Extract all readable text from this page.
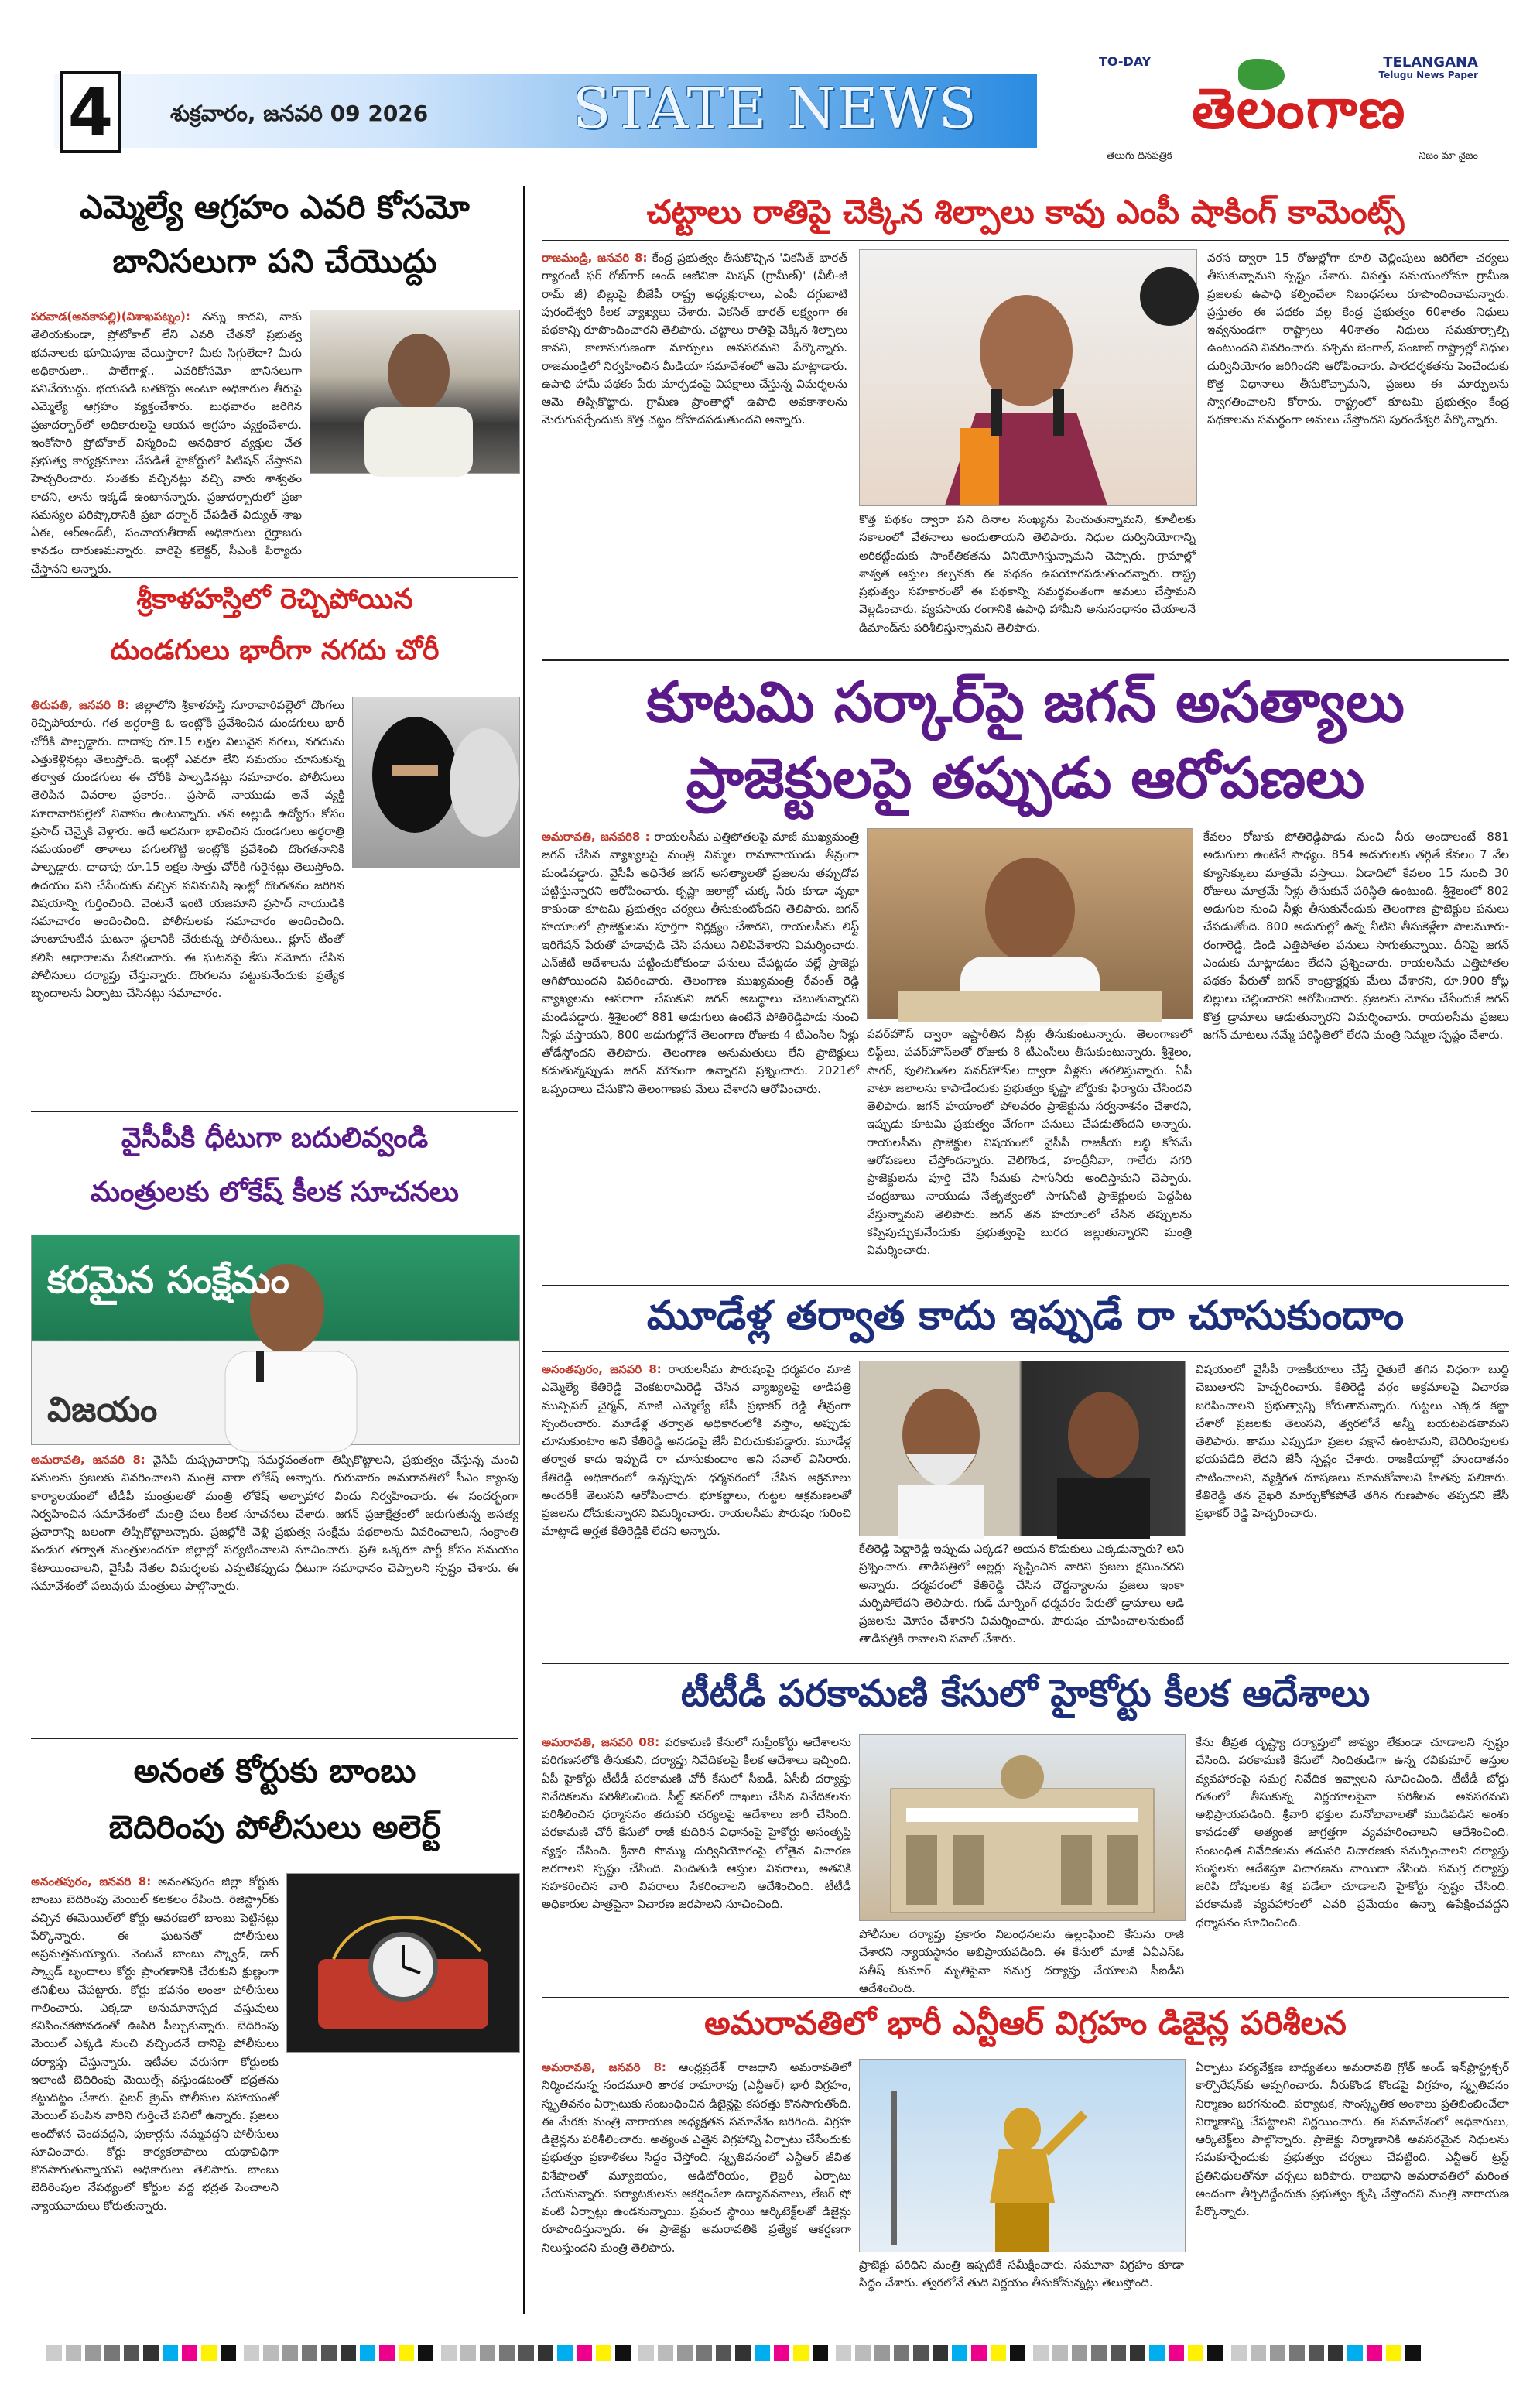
4	శుక్రవారం, జనవరి 09 2026	STATE NEWS
TO-DAY	TELANGANA
Telugu News Paper
తెలంగాణ
తెలుగు దినపత్రిక	నిజం మా నైజం
ఎమ్మెల్యే ఆగ్రహం ఎవరి కోసమో
బానిసలుగా పని చేయొద్దు
పరవాడ(ఆనకాపల్లి)(విశాఖపట్నం): నన్ను కాదని, నాకు తెలియకుండా, ప్రోటోకాల్ లేని ఎవరి చేతనో ప్రభుత్వ భవనాలకు భూమిపూజ చేయిస్తారా? మీకు సిగ్గులేదా? మీరు అధికారులా.. పాలేగాళ్ల.. ఎవరికోసమో బానిసలుగా పనిచేయొద్దు. భయపడి బతకొద్దు అంటూ అధికారుల తీరుపై ఎమ్మెల్యే ఆగ్రహం వ్యక్తంచేశారు. బుధవారం జరిగిన ప్రజాదర్బార్‌లో అధికారులపై ఆయన ఆగ్రహం వ్యక్తంచేశారు. ఇంకోసారి ప్రోటోకాల్ విస్మరించి అనధికార వ్యక్తుల చేత ప్రభుత్వ కార్యక్రమాలు చేపడితే హైకోర్టులో పిటిషన్ వేస్తానని హెచ్చరించారు. సంతకు వచ్చినట్లు వచ్చి వారు శాశ్వతం కాదని, తాను ఇక్కడే ఉంటానన్నారు. ప్రజాదర్బారులో ప్రజా సమస్యల పరిష్కారానికి ప్రజా దర్బార్ చేపడితే విద్యుత్ శాఖ ఏఈ, ఆర్‌అండ్‌బీ, పంచాయతీరాజ్ అధికారులు గైర్హాజరు కావడం దారుణమన్నారు. వారిపై కలెక్టర్, సీఎంకి ఫిర్యాదు చేస్తానని అన్నారు.
శ్రీకాళహస్తిలో రెచ్చిపోయిన
దుండగులు భారీగా నగదు చోరీ
తిరుపతి, జనవరి 8: జిల్లాలోని శ్రీకాళహస్తి సూరావారిపల్లెలో దొంగలు రెచ్చిపోయారు. గత అర్ధరాత్రి ఓ ఇంట్లోకి ప్రవేశించిన దుండగులు భారీ చోరీకి పాల్పడ్డారు. దాదాపు రూ.15 లక్షల విలువైన నగలు, నగదును ఎత్తుకెళ్లినట్లు తెలుస్తోంది. ఇంట్లో ఎవరూ లేని సమయం చూసుకున్న తర్వాత దుండగులు ఈ చోరీకి పాల్పడినట్లు సమాచారం. పోలీసులు తెలిపిన వివరాల ప్రకారం.. ప్రసాద్ నాయుడు అనే వ్యక్తి సూరావారిపల్లెలో నివాసం ఉంటున్నారు. తన అల్లుడి ఉద్యోగం కోసం ప్రసాద్ చెన్నైకి వెళ్లారు. అదే అదనుగా భావించిన దుండగులు అర్ధరాత్రి సమయంలో తాళాలు పగులగొట్టి ఇంట్లోకి ప్రవేశించి దొంగతనానికి పాల్పడ్డారు. దాదాపు రూ.15 లక్షల సొత్తు చోరీకి గురైనట్లు తెలుస్తోంది. ఉదయం పని చేసేందుకు వచ్చిన పనిమనిషి ఇంట్లో దొంగతనం జరిగిన విషయాన్ని గుర్తించింది. వెంటనే ఇంటి యజమాని ప్రసాద్ నాయుడికి సమాచారం అందించింది. పోలీసులకు సమాచారం అందించింది. హుటాహుటిన ఘటనా స్థలానికి చేరుకున్న పోలీసులు.. క్లూస్ టీంతో కలిసి ఆధారాలను సేకరించారు. ఈ ఘటనపై కేసు నమోదు చేసిన పోలీసులు దర్యాప్తు చేస్తున్నారు. దొంగలను పట్టుకునేందుకు ప్రత్యేక బృందాలను ఏర్పాటు చేసినట్లు సమాచారం.
వైసీపీకి ధీటుగా బదులివ్వండి
మంత్రులకు లోకేష్ కీలక సూచనలు
కరమైన సంక్షేమం
విజయం
అమరావతి, జనవరి 8: వైసీపీ దుష్ప్రచారాన్ని సమర్థవంతంగా తిప్పికొట్టాలని, ప్రభుత్వం చేస్తున్న మంచి పనులను ప్రజలకు వివరించాలని మంత్రి నారా లోకేష్ అన్నారు. గురువారం అమరావతిలో సీఎం క్యాంపు కార్యాలయంలో టీడీపీ మంత్రులతో మంత్రి లోకేష్ అల్పాహార విందు నిర్వహించారు. ఈ సందర్భంగా నిర్వహించిన సమావేశంలో మంత్రి పలు కీలక సూచనలు చేశారు. జగన్ ప్రజాక్షేత్రంలో జరుగుతున్న అసత్య ప్రచారాన్ని బలంగా తిప్పికొట్టాలన్నారు. ప్రజల్లోకి వెళ్లి ప్రభుత్వ సంక్షేమ పథకాలను వివరించాలని, సంక్రాంతి పండుగ తర్వాత మంత్రులందరూ జిల్లాల్లో పర్యటించాలని సూచించారు. ప్రతి ఒక్కరూ పార్టీ కోసం సమయం కేటాయించాలని, వైసీపీ నేతల విమర్శలకు ఎప్పటికప్పుడు ధీటుగా సమాధానం చెప్పాలని స్పష్టం చేశారు. ఈ సమావేశంలో పలువురు మంత్రులు పాల్గొన్నారు.
అనంత కోర్టుకు బాంబు
బెదిరింపు పోలీసులు అలెర్ట్
అనంతపురం, జనవరి 8: అనంతపురం జిల్లా కోర్టుకు బాంబు బెదిరింపు మెయిల్ కలకలం రేపింది. రిజిస్ట్రార్‌కు వచ్చిన ఈమెయిల్‌లో కోర్టు ఆవరణలో బాంబు పెట్టినట్లు పేర్కొన్నారు. ఈ ఘటనతో పోలీసులు అప్రమత్తమయ్యారు. వెంటనే బాంబు స్క్వాడ్, డాగ్ స్క్వాడ్ బృందాలు కోర్టు ప్రాంగణానికి చేరుకుని క్షుణ్ణంగా తనిఖీలు చేపట్టారు. కోర్టు భవనం అంతా పోలీసులు గాలించారు. ఎక్కడా అనుమానాస్పద వస్తువులు కనిపించకపోవడంతో ఊపిరి పీల్చుకున్నారు. బెదిరింపు మెయిల్ ఎక్కడి నుంచి వచ్చిందనే దానిపై పోలీసులు దర్యాప్తు చేస్తున్నారు. ఇటీవల వరుసగా కోర్టులకు ఇలాంటి బెదిరింపు మెయిల్స్ వస్తుండటంతో భద్రతను కట్టుదిట్టం చేశారు. సైబర్ క్రైమ్ పోలీసుల సహాయంతో మెయిల్ పంపిన వారిని గుర్తించే పనిలో ఉన్నారు. ప్రజలు ఆందోళన చెందవద్దని, పుకార్లను నమ్మవద్దని పోలీసులు సూచించారు. కోర్టు కార్యకలాపాలు యథావిధిగా కొనసాగుతున్నాయని అధికారులు తెలిపారు. బాంబు బెదిరింపుల నేపథ్యంలో కోర్టుల వద్ద భద్రత పెంచాలని న్యాయవాదులు కోరుతున్నారు.
చట్టాలు రాతిపై చెక్కిన శిల్పాలు కావు ఎంపీ షాకింగ్ కామెంట్స్
రాజమండ్రి, జనవరి 8: కేంద్ర ప్రభుత్వం తీసుకొచ్చిన 'వికసిత్ భారత్ గ్యారంటీ ఫర్ రోజ్‌గార్ అండ్ ఆజీవికా మిషన్ (గ్రామీణ్)' (వీబీ-జీ రామ్ జీ) బిల్లుపై బీజేపీ రాష్ట్ర అధ్యక్షురాలు, ఎంపీ దగ్గుబాటి పురందేశ్వరి కీలక వ్యాఖ్యలు చేశారు. వికసిత్ భారత్ లక్ష్యంగా ఈ పథకాన్ని రూపొందించారని తెలిపారు. చట్టాలు రాతిపై చెక్కిన శిల్పాలు కావని, కాలానుగుణంగా మార్పులు అవసరమని పేర్కొన్నారు. రాజమండ్రిలో నిర్వహించిన మీడియా సమావేశంలో ఆమె మాట్లాడారు. ఉపాధి హామీ పథకం పేరు మార్చడంపై విపక్షాలు చేస్తున్న విమర్శలను ఆమె తిప్పికొట్టారు. గ్రామీణ ప్రాంతాల్లో ఉపాధి అవకాశాలను మెరుగుపర్చేందుకు కొత్త చట్టం దోహదపడుతుందని అన్నారు.
కొత్త పథకం ద్వారా పని దినాల సంఖ్యను పెంచుతున్నామని, కూలీలకు సకాలంలో వేతనాలు అందుతాయని తెలిపారు. నిధుల దుర్వినియోగాన్ని అరికట్టేందుకు సాంకేతికతను వినియోగిస్తున్నామని చెప్పారు. గ్రామాల్లో శాశ్వత ఆస్తుల కల్పనకు ఈ పథకం ఉపయోగపడుతుందన్నారు. రాష్ట్ర ప్రభుత్వం సహకారంతో ఈ పథకాన్ని సమర్థవంతంగా అమలు చేస్తామని వెల్లడించారు. వ్యవసాయ రంగానికి ఉపాధి హామీని అనుసంధానం చేయాలనే డిమాండ్‌ను పరిశీలిస్తున్నామని తెలిపారు.
వరస ద్వారా 15 రోజుల్లోగా కూలి చెల్లింపులు జరిగేలా చర్యలు తీసుకున్నామని స్పష్టం చేశారు. విపత్తు సమయంలోనూ గ్రామీణ ప్రజలకు ఉపాధి కల్పించేలా నిబంధనలు రూపొందించామన్నారు. ప్రస్తుతం ఈ పథకం వల్ల కేంద్ర ప్రభుత్వం 60శాతం నిధులు ఇవ్వనుండగా రాష్ట్రాలు 40శాతం నిధులు సమకూర్చాల్సి ఉంటుందని వివరించారు. పశ్చిమ బెంగాల్, పంజాబ్ రాష్ట్రాల్లో నిధుల దుర్వినియోగం జరిగిందని ఆరోపించారు. పారదర్శకతను పెంచేందుకు కొత్త విధానాలు తీసుకొచ్చామని, ప్రజలు ఈ మార్పులను స్వాగతించాలని కోరారు. రాష్ట్రంలో కూటమి ప్రభుత్వం కేంద్ర పథకాలను సమర్థంగా అమలు చేస్తోందని పురందేశ్వరి పేర్కొన్నారు.
కూటమి సర్కార్‌పై జగన్ అసత్యాలు
ప్రాజెక్టులపై తప్పుడు ఆరోపణలు
అమరావతి, జనవరి8 : రాయలసీమ ఎత్తిపోతలపై మాజీ ముఖ్యమంత్రి జగన్ చేసిన వ్యాఖ్యలపై మంత్రి నిమ్మల రామానాయుడు తీవ్రంగా మండిపడ్డారు. వైసీపీ అధినేత జగన్ అసత్యాలతో ప్రజలను తప్పుదోవ పట్టిస్తున్నారని ఆరోపించారు. కృష్ణా జలాల్లో చుక్క నీరు కూడా వృథా కాకుండా కూటమి ప్రభుత్వం చర్యలు తీసుకుంటోందని తెలిపారు. జగన్ హయాంలో ప్రాజెక్టులను పూర్తిగా నిర్లక్ష్యం చేశారని, రాయలసీమ లిఫ్ట్ ఇరిగేషన్ పేరుతో హడావుడి చేసి పనులు నిలిపివేశారని విమర్శించారు. ఎన్‌జీటీ ఆదేశాలను పట్టించుకోకుండా పనులు చేపట్టడం వల్లే ప్రాజెక్టు ఆగిపోయిందని వివరించారు. తెలంగాణ ముఖ్యమంత్రి రేవంత్ రెడ్డి వ్యాఖ్యలను ఆసరాగా చేసుకుని జగన్ అబద్ధాలు చెబుతున్నారని మండిపడ్డారు. శ్రీశైలంలో 881 అడుగులు ఉంటేనే పోతిరెడ్డిపాడు నుంచి నీళ్లు వస్తాయని, 800 అడుగుల్లోనే తెలంగాణ రోజుకు 4 టీఎంసీల నీళ్లు తోడేస్తోందని తెలిపారు. తెలంగాణ అనుమతులు లేని ప్రాజెక్టులు కడుతున్నప్పుడు జగన్ మౌనంగా ఉన్నారని ప్రశ్నించారు. 2021లో ఒప్పందాలు చేసుకొని తెలంగాణకు మేలు చేశారని ఆరోపించారు.
పవర్‌హౌస్ ద్వారా ఇష్టారీతిన నీళ్లు తీసుకుంటున్నారు. తెలంగాణలో లిఫ్ట్‌లు, పవర్‌హౌస్‌లతో రోజుకు 8 టీఎంసీలు తీసుకుంటున్నారు. శ్రీశైలం, సాగర్, పులిచింతల పవర్‌హౌస్‌ల ద్వారా నీళ్లను తరలిస్తున్నారు. ఏపీ వాటా జలాలను కాపాడేందుకు ప్రభుత్వం కృష్ణా బోర్డుకు ఫిర్యాదు చేసిందని తెలిపారు. జగన్ హయాంలో పోలవరం ప్రాజెక్టును సర్వనాశనం చేశారని, ఇప్పుడు కూటమి ప్రభుత్వం వేగంగా పనులు చేపడుతోందని అన్నారు. రాయలసీమ ప్రాజెక్టుల విషయంలో వైసీపీ రాజకీయ లబ్ధి కోసమే ఆరోపణలు చేస్తోందన్నారు. వెలిగొండ, హంద్రీనీవా, గాలేరు నగరి ప్రాజెక్టులను పూర్తి చేసి సీమకు సాగునీరు అందిస్తామని చెప్పారు. చంద్రబాబు నాయుడు నేతృత్వంలో సాగునీటి ప్రాజెక్టులకు పెద్దపీట వేస్తున్నామని తెలిపారు. జగన్ తన హయాంలో చేసిన తప్పులను కప్పిపుచ్చుకునేందుకు ప్రభుత్వంపై బురద జల్లుతున్నారని మంత్రి విమర్శించారు.
కేవలం రోజుకు పోతిరెడ్డిపాడు నుంచి నీరు అందాలంటే 881 అడుగులు ఉంటేనే సాధ్యం. 854 అడుగులకు తగ్గితే కేవలం 7 వేల క్యూసెక్కులు మాత్రమే వస్తాయి. ఏడాదిలో కేవలం 15 నుంచి 30 రోజులు మాత్రమే నీళ్లు తీసుకునే పరిస్థితి ఉంటుంది. శ్రీశైలంలో 802 అడుగుల నుంచి నీళ్లు తీసుకునేందుకు తెలంగాణ ప్రాజెక్టుల పనులు చేపడుతోంది. 800 అడుగుల్లో ఉన్న నీటిని తీసుకెళ్లేలా పాలమూరు-రంగారెడ్డి, డిండి ఎత్తిపోతల పనులు సాగుతున్నాయి. దీనిపై జగన్ ఎందుకు మాట్లాడటం లేదని ప్రశ్నించారు. రాయలసీమ ఎత్తిపోతల పథకం పేరుతో జగన్ కాంట్రాక్టర్లకు మేలు చేశారని, రూ.900 కోట్ల బిల్లులు చెల్లించారని ఆరోపించారు. ప్రజలను మోసం చేసేందుకే జగన్ కొత్త డ్రామాలు ఆడుతున్నారని విమర్శించారు. రాయలసీమ ప్రజలు జగన్ మాటలు నమ్మే పరిస్థితిలో లేరని మంత్రి నిమ్మల స్పష్టం చేశారు.
మూడేళ్ల తర్వాత కాదు ఇప్పుడే రా చూసుకుందాం
అనంతపురం, జనవరి 8: రాయలసీమ పౌరుషంపై ధర్మవరం మాజీ ఎమ్మెల్యే కేతిరెడ్డి వెంకటరామిరెడ్డి చేసిన వ్యాఖ్యలపై తాడిపత్రి మున్సిపల్ చైర్మన్, మాజీ ఎమ్మెల్యే జేసీ ప్రభాకర్ రెడ్డి తీవ్రంగా స్పందించారు. మూడేళ్ల తర్వాత అధికారంలోకి వస్తాం, అప్పుడు చూసుకుంటాం అని కేతిరెడ్డి అనడంపై జేసీ విరుచుకుపడ్డారు. మూడేళ్ల తర్వాత కాదు ఇప్పుడే రా చూసుకుందాం అని సవాల్ విసిరారు. కేతిరెడ్డి అధికారంలో ఉన్నప్పుడు ధర్మవరంలో చేసిన అక్రమాలు అందరికీ తెలుసని ఆరోపించారు. భూకబ్జాలు, గుట్టల ఆక్రమణలతో ప్రజలను దోచుకున్నారని విమర్శించారు. రాయలసీమ పౌరుషం గురించి మాట్లాడే అర్హత కేతిరెడ్డికి లేదని అన్నారు.
కేతిరెడ్డి పెద్దారెడ్డి ఇప్పుడు ఎక్కడ? ఆయన కొడుకులు ఎక్కడున్నారు? అని ప్రశ్నించారు. తాడిపత్రిలో అల్లర్లు సృష్టించిన వారిని ప్రజలు క్షమించరని అన్నారు. ధర్మవరంలో కేతిరెడ్డి చేసిన దౌర్జన్యాలను ప్రజలు ఇంకా మర్చిపోలేదని తెలిపారు. గుడ్ మార్నింగ్ ధర్మవరం పేరుతో డ్రామాలు ఆడి ప్రజలను మోసం చేశారని విమర్శించారు. పౌరుషం చూపించాలనుకుంటే తాడిపత్రికి రావాలని సవాల్ చేశారు.
విషయంలో వైసీపీ రాజకీయాలు చేస్తే రైతులే తగిన విధంగా బుద్ధి చెబుతారని హెచ్చరించారు. కేతిరెడ్డి వర్గం అక్రమాలపై విచారణ జరిపించాలని ప్రభుత్వాన్ని కోరుతామన్నారు. గుట్టలు ఎక్కడ కబ్జా చేశారో ప్రజలకు తెలుసని, త్వరలోనే అన్నీ బయటపెడతామని తెలిపారు. తాము ఎప్పుడూ ప్రజల పక్షానే ఉంటామని, బెదిరింపులకు భయపడేది లేదని జేసీ స్పష్టం చేశారు. రాజకీయాల్లో హుందాతనం పాటించాలని, వ్యక్తిగత దూషణలు మానుకోవాలని హితవు పలికారు. కేతిరెడ్డి తన వైఖరి మార్చుకోకపోతే తగిన గుణపాఠం తప్పదని జేసీ ప్రభాకర్ రెడ్డి హెచ్చరించారు.
టీటీడీ పరకామణి కేసులో హైకోర్టు కీలక ఆదేశాలు
అమరావతి, జనవరి 08: పరకామణి కేసులో సుప్రీంకోర్టు ఆదేశాలను పరిగణనలోకి తీసుకుని, దర్యాప్తు నివేదికలపై కీలక ఆదేశాలు ఇచ్చింది. ఏపీ హైకోర్టు టీటీడీ పరకామణి చోరీ కేసులో సీఐడీ, ఏసీబీ దర్యాప్తు నివేదికలను పరిశీలించింది. సీల్డ్ కవర్‌లో దాఖలు చేసిన నివేదికలను పరిశీలించిన ధర్మాసనం తదుపరి చర్యలపై ఆదేశాలు జారీ చేసింది. పరకామణి చోరీ కేసులో రాజీ కుదిరిన విధానంపై హైకోర్టు అసంతృప్తి వ్యక్తం చేసింది. శ్రీవారి సొమ్ము దుర్వినియోగంపై లోతైన విచారణ జరగాలని స్పష్టం చేసింది. నిందితుడి ఆస్తుల వివరాలు, అతనికి సహకరించిన వారి వివరాలు సేకరించాలని ఆదేశించింది. టీటీడీ అధికారుల పాత్రపైనా విచారణ జరపాలని సూచించింది.
పోలీసుల దర్యాప్తు ప్రకారం నిబంధనలను ఉల్లంఘించి కేసును రాజీ చేశారని న్యాయస్థానం అభిప్రాయపడింది. ఈ కేసులో మాజీ ఏవీఎస్‌ఓ సతీష్ కుమార్ మృతిపైనా సమగ్ర దర్యాప్తు చేయాలని సీఐడీని ఆదేశించింది.
కేసు తీవ్రత దృష్ట్యా దర్యాప్తులో జాప్యం లేకుండా చూడాలని స్పష్టం చేసింది. పరకామణి కేసులో నిందితుడిగా ఉన్న రవికుమార్ ఆస్తుల వ్యవహారంపై సమగ్ర నివేదిక ఇవ్వాలని సూచించింది. టీటీడీ బోర్డు గతంలో తీసుకున్న నిర్ణయాలపైనా పరిశీలన అవసరమని అభిప్రాయపడింది. శ్రీవారి భక్తుల మనోభావాలతో ముడిపడిన అంశం కావడంతో అత్యంత జాగ్రత్తగా వ్యవహరించాలని ఆదేశించింది. సంబంధిత నివేదికలను తదుపరి విచారణకు సమర్పించాలని దర్యాప్తు సంస్థలను ఆదేశిస్తూ విచారణను వాయిదా వేసింది. సమగ్ర దర్యాప్తు జరిపి దోషులకు శిక్ష పడేలా చూడాలని హైకోర్టు స్పష్టం చేసింది. పరకామణి వ్యవహారంలో ఎవరి ప్రమేయం ఉన్నా ఉపేక్షించవద్దని ధర్మాసనం సూచించింది.
అమరావతిలో భారీ ఎన్టీఆర్ విగ్రహం డిజైన్ల పరిశీలన
అమరావతి, జనవరి 8: ఆంధ్రప్రదేశ్ రాజధాని అమరావతిలో నిర్మించనున్న నందమూరి తారక రామారావు (ఎన్టీఆర్) భారీ విగ్రహం, స్మృతివనం ఏర్పాటుకు సంబంధించిన డిజైన్లపై కసరత్తు కొనసాగుతోంది. ఈ మేరకు మంత్రి నారాయణ అధ్యక్షతన సమావేశం జరిగింది. విగ్రహ డిజైన్లను పరిశీలించారు. అత్యంత ఎత్తైన విగ్రహాన్ని ఏర్పాటు చేసేందుకు ప్రభుత్వం ప్రణాళికలు సిద్ధం చేస్తోంది. స్మృతివనంలో ఎన్టీఆర్ జీవిత విశేషాలతో మ్యూజియం, ఆడిటోరియం, లైబ్రరీ ఏర్పాటు చేయనున్నారు. పర్యాటకులను ఆకర్షించేలా ఉద్యానవనాలు, లేజర్ షో వంటి ఏర్పాట్లు ఉండనున్నాయి. ప్రపంచ స్థాయి ఆర్కిటెక్ట్‌లతో డిజైన్లు రూపొందిస్తున్నారు. ఈ ప్రాజెక్టు అమరావతికి ప్రత్యేక ఆకర్షణగా నిలుస్తుందని మంత్రి తెలిపారు.
ప్రాజెక్టు పరిధిని మంత్రి ఇప్పటికే సమీక్షించారు. సమూనా విగ్రహం కూడా సిద్ధం చేశారు. త్వరలోనే తుది నిర్ణయం తీసుకోనున్నట్లు తెలుస్తోంది.
ఏర్పాటు పర్యవేక్షణ బాధ్యతలు అమరావతి గ్రోత్ అండ్ ఇన్‌ఫ్రాస్ట్రక్చర్ కార్పొరేషన్‌కు అప్పగించారు. నీరుకొండ కొండపై విగ్రహం, స్మృతివనం నిర్మాణం జరగనుంది. పర్యాటక, సాంస్కృతిక అంశాలు ప్రతిబింబించేలా నిర్మాణాన్ని చేపట్టాలని నిర్ణయించారు. ఈ సమావేశంలో అధికారులు, ఆర్కిటెక్ట్‌లు పాల్గొన్నారు. ప్రాజెక్టు నిర్మాణానికి అవసరమైన నిధులను సమకూర్చేందుకు ప్రభుత్వం చర్యలు చేపట్టింది. ఎన్టీఆర్ ట్రస్ట్ ప్రతినిధులతోనూ చర్చలు జరిపారు. రాజధాని అమరావతిలో మరింత అందంగా తీర్చిదిద్దేందుకు ప్రభుత్వం కృషి చేస్తోందని మంత్రి నారాయణ పేర్కొన్నారు.
